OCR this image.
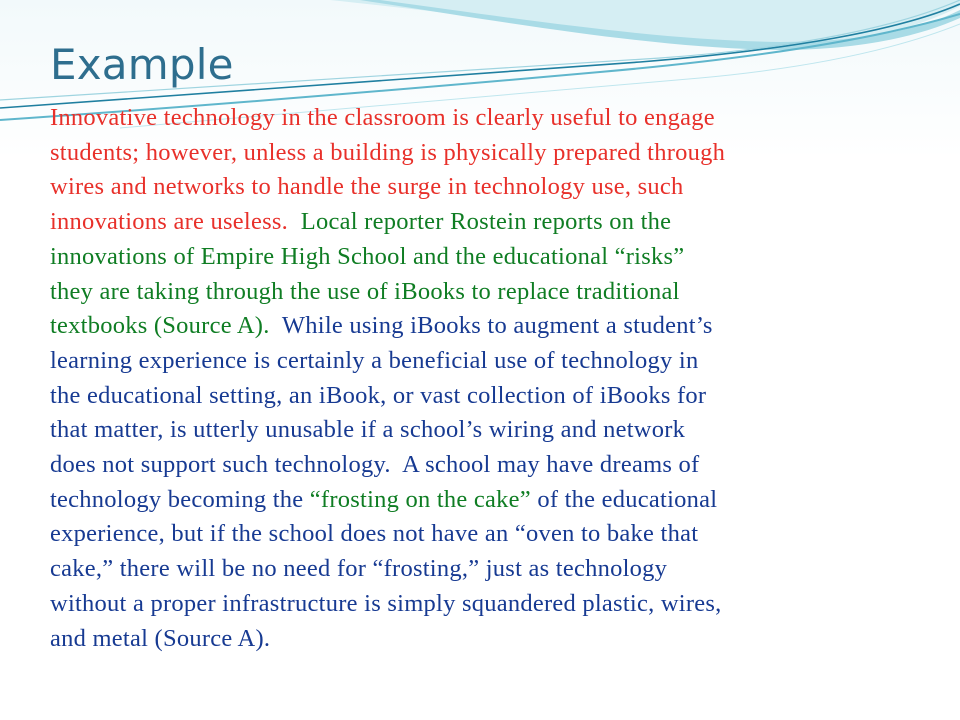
Example
Innovative technology in the classroom is clearly useful to engage
students; however, unless a building is physically prepared through
wires and networks to handle the surge in technology use, such
innovations are useless.  Local reporter Rostein reports on the
innovations of Empire High School and the educational “risks”
they are taking through the use of iBooks to replace traditional
textbooks (Source A).  While using iBooks to augment a student’s
learning experience is certainly a beneficial use of technology in
the educational setting, an iBook, or vast collection of iBooks for
that matter, is utterly unusable if a school’s wiring and network
does not support such technology.  A school may have dreams of
technology becoming the “frosting on the cake” of the educational
experience, but if the school does not have an “oven to bake that
cake,” there will be no need for “frosting,” just as technology
without a proper infrastructure is simply squandered plastic, wires,
and metal (Source A).
